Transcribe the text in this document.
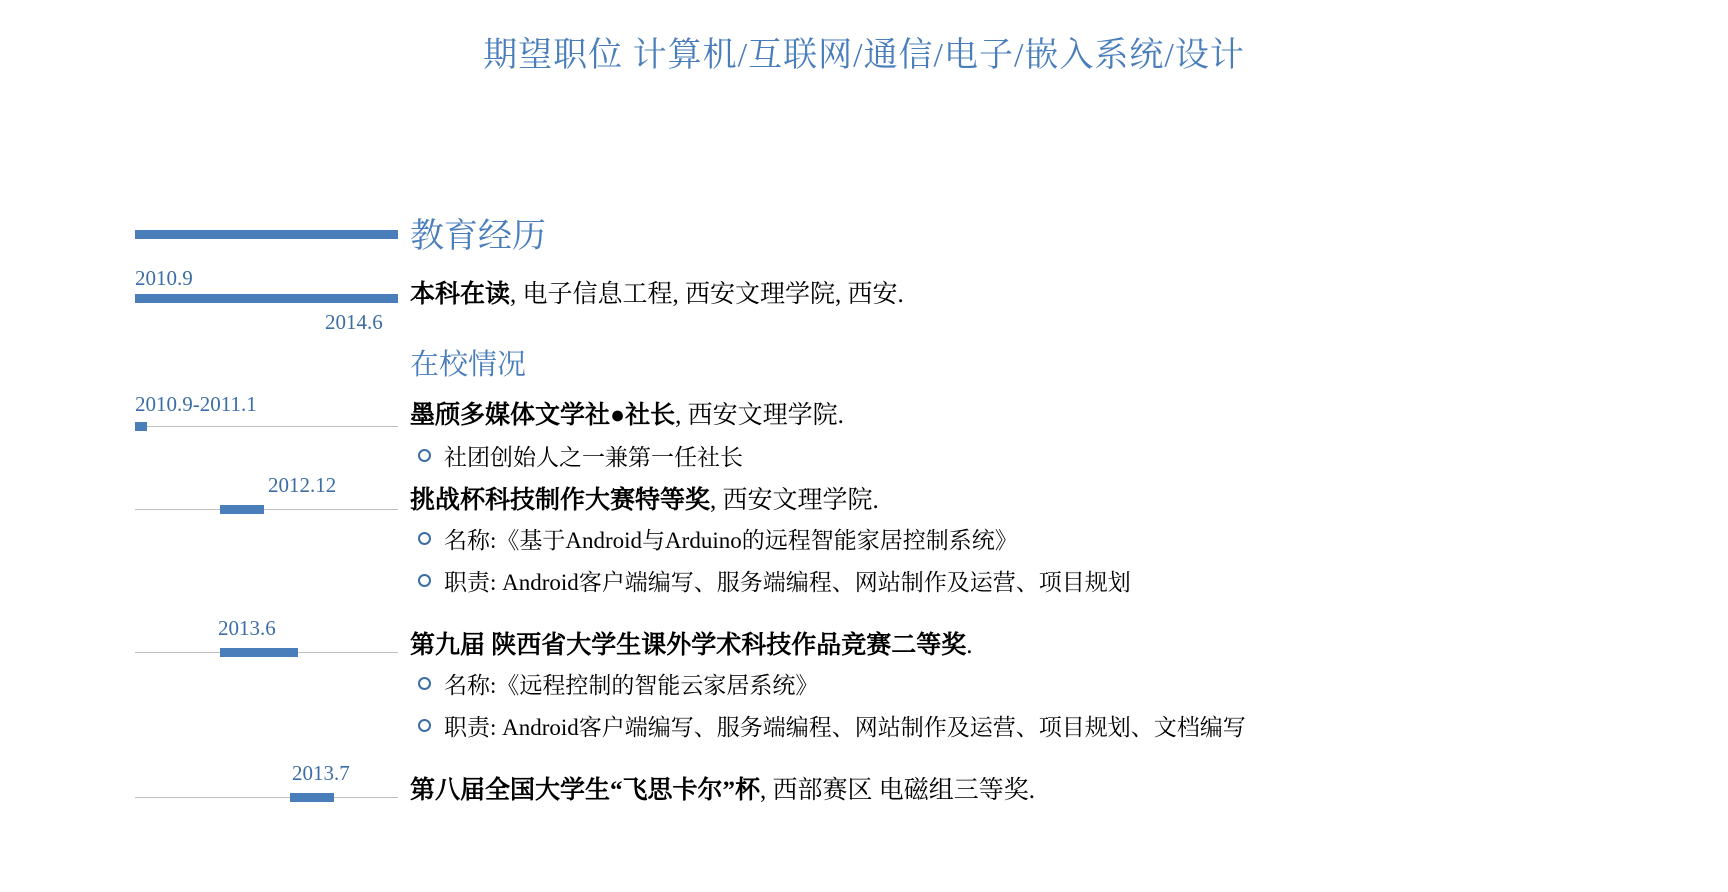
期望职位 计算机/互联网/通信/电子/嵌入系统/设计
2010.9
2014.6
教育经历
本科在读, 电子信息工程, 西安文理学院, 西安.
在校情况
2010.9-2011.1	墨颀多媒体文学社●社长, 西安文理学院.
社团创始人之一兼第一任社长
2012.12
挑战杯科技制作大赛特等奖, 西安文理学院.
名称:《基于Android与Arduino的远程智能家居控制系统》
职责: Android客户端编写、服务端编程、网站制作及运营、项目规划
2013.6
第九届 陕西省大学生课外学术科技作品竞赛二等奖.
名称:《远程控制的智能云家居系统》
职责: Android客户端编写、服务端编程、网站制作及运营、项目规划、文档编写
2013.7
第八届全国大学生“飞思卡尔”杯, 西部赛区 电磁组三等奖.
